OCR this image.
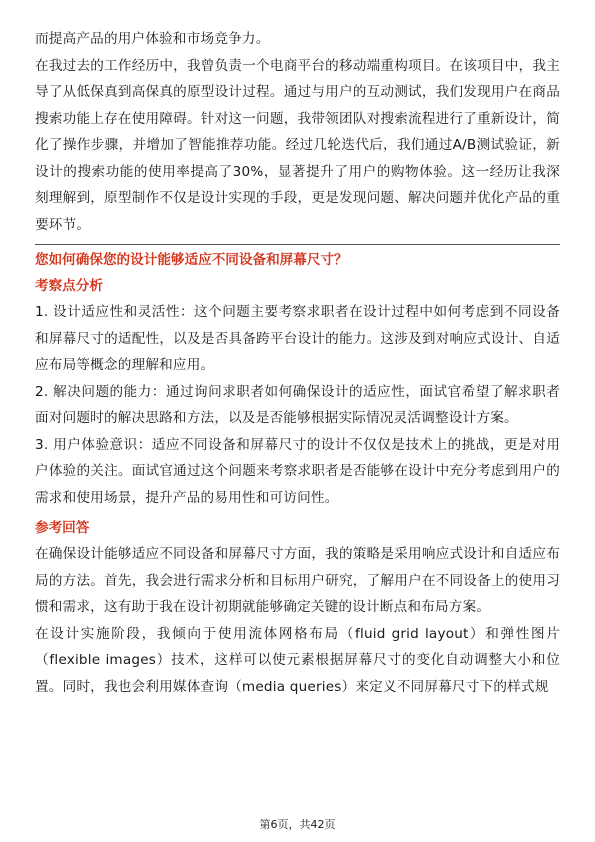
而提高产品的用户体验和市场竞争力。

在我过去的工作经历中，我曾负责一个电商平台的移动端重构项目。在该项目中，我主导了从低保真到高保真的原型设计过程。通过与用户的互动测试，我们发现用户在商品搜索功能上存在使用障碍。针对这一问题，我带领团队对搜索流程进行了重新设计，简化了操作步骤，并增加了智能推荐功能。经过几轮迭代后，我们通过A/B测试验证，新设计的搜索功能的使用率提高了30%，显著提升了用户的购物体验。这一经历让我深刻理解到，原型制作不仅是设计实现的手段，更是发现问题、解决问题并优化产品的重要环节。

您如何确保您的设计能够适应不同设备和屏幕尺寸？

考察点分析

1. 设计适应性和灵活性：这个问题主要考察求职者在设计过程中如何考虑到不同设备和屏幕尺寸的适配性，以及是否具备跨平台设计的能力。这涉及到对响应式设计、自适应布局等概念的理解和应用。

2. 解决问题的能力：通过询问求职者如何确保设计的适应性，面试官希望了解求职者面对问题时的解决思路和方法，以及是否能够根据实际情况灵活调整设计方案。

3. 用户体验意识：适应不同设备和屏幕尺寸的设计不仅仅是技术上的挑战，更是对用户体验的关注。面试官通过这个问题来考察求职者是否能够在设计中充分考虑到用户的需求和使用场景，提升产品的易用性和可访问性。

参考回答

在确保设计能够适应不同设备和屏幕尺寸方面，我的策略是采用响应式设计和自适应布局的方法。首先，我会进行需求分析和目标用户研究，了解用户在不同设备上的使用习惯和需求，这有助于我在设计初期就能够确定关键的设计断点和布局方案。

在设计实施阶段，我倾向于使用流体网格布局（fluid grid layout）和弹性图片（flexible images）技术，这样可以使元素根据屏幕尺寸的变化自动调整大小和位置。同时，我也会利用媒体查询（media queries）来定义不同屏幕尺寸下的样式规

第6页，共42页
